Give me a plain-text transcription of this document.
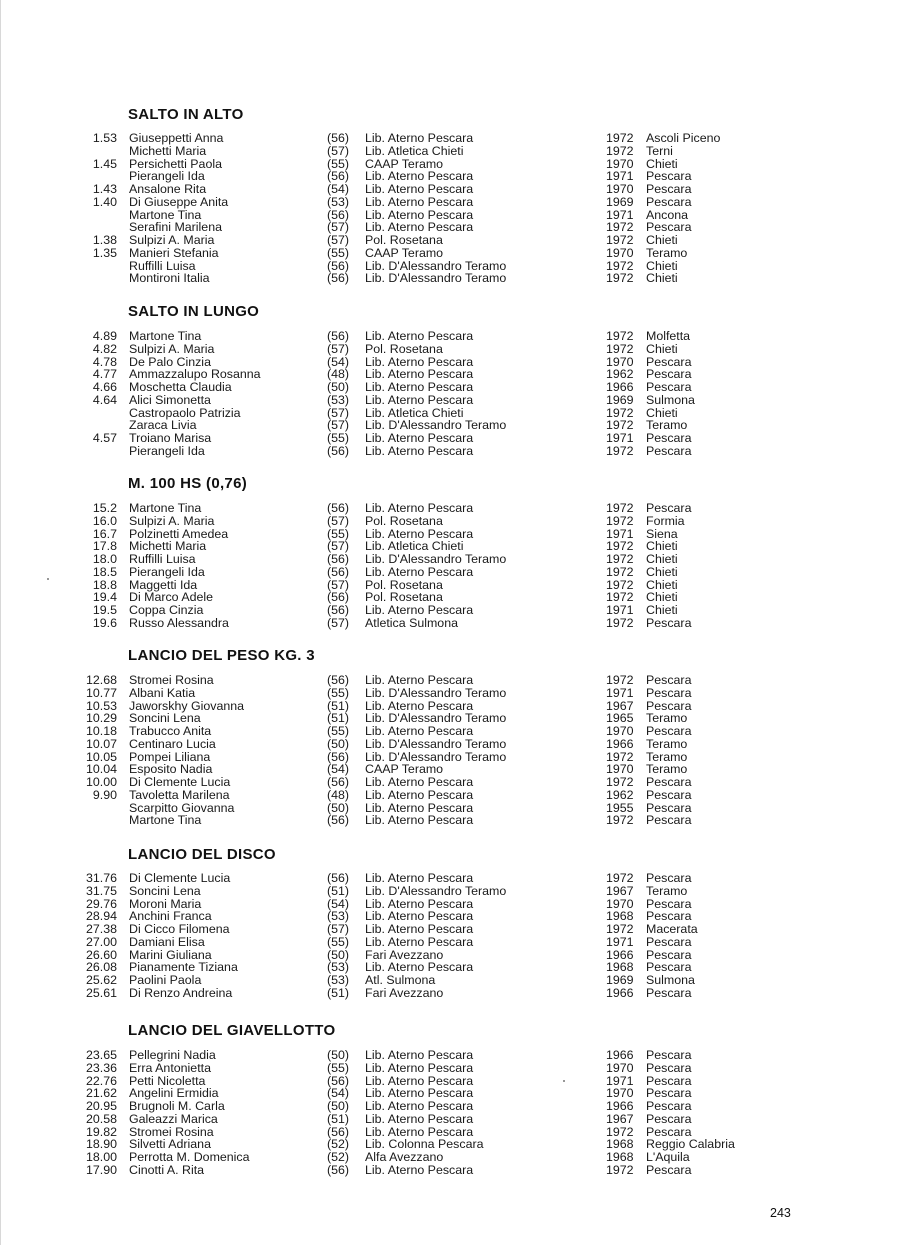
SALTO IN ALTO
1.53 Giuseppetti Anna	(56) Lib. Aterno Pescara	1972 Ascoli Piceno
Michetti Maria	(57) Lib. Atletica Chieti	1972 Terni
1.45 Persichetti Paola	(55) CAAP Teramo	1970 Chieti
Pierangeli Ida	(56) Lib. Aterno Pescara	1971 Pescara
1.43 Ansalone Rita	(54) Lib. Aterno Pescara	1970 Pescara
1.40 Di Giuseppe Anita	(53) Lib. Aterno Pescara	1969 Pescara
Martone Tina	(56) Lib. Aterno Pescara	1971 Ancona
Serafini Marilena	(57) Lib. Aterno Pescara	1972 Pescara
1.38 Sulpizi A. Maria	(57) Pol. Rosetana	1972 Chieti
1.35 Manieri Stefania	(55) CAAP Teramo	1970 Teramo
Ruffilli Luisa	(56) Lib. D'Alessandro Teramo	1972 Chieti
Montironi Italia	(56) Lib. D'Alessandro Teramo	1972 Chieti
SALTO IN LUNGO
4.89 Martone Tina	(56) Lib. Aterno Pescara	1972 Molfetta
4.82 Sulpizi A. Maria	(57) Pol. Rosetana	1972 Chieti
4.78 De Palo Cinzia	(54) Lib. Aterno Pescara	1970 Pescara
4.77 Ammazzalupo Rosanna	(48) Lib. Aterno Pescara	1962 Pescara
4.66 Moschetta Claudia	(50) Lib. Aterno Pescara	1966 Pescara
4.64 Alici Simonetta	(53) Lib. Aterno Pescara	1969 Sulmona
Castropaolo Patrizia	(57) Lib. Atletica Chieti	1972 Chieti
Zaraca Livia	(57) Lib. D'Alessandro Teramo	1972 Teramo
4.57 Troiano Marisa	(55) Lib. Aterno Pescara	1971 Pescara
Pierangeli Ida	(56) Lib. Aterno Pescara	1972 Pescara
M. 100 HS (0,76)
15.2 Martone Tina	(56) Lib. Aterno Pescara	1972 Pescara
16.0 Sulpizi A. Maria	(57) Pol. Rosetana	1972 Formia
16.7 Polzinetti Amedea	(55) Lib. Aterno Pescara	1971 Siena
17.8 Michetti Maria	(57) Lib. Atletica Chieti	1972 Chieti
18.0 Ruffilli Luisa	(56) Lib. D'Alessandro Teramo	1972 Chieti
18.5 Pierangeli Ida	(56) Lib. Aterno Pescara	1972 Chieti
18.8 Maggetti Ida	(57) Pol. Rosetana	1972 Chieti
19.4 Di Marco Adele	(56) Pol. Rosetana	1972 Chieti
19.5 Coppa Cinzia	(56) Lib. Aterno Pescara	1971 Chieti
19.6 Russo Alessandra	(57) Atletica Sulmona	1972 Pescara
LANCIO DEL PESO KG. 3
12.68 Stromei Rosina	(56) Lib. Aterno Pescara	1972 Pescara
10.77 Albani Katia	(55) Lib. D'Alessandro Teramo	1971 Pescara
10.53 Jaworskhy Giovanna	(51) Lib. Aterno Pescara	1967 Pescara
10.29 Soncini Lena	(51) Lib. D'Alessandro Teramo	1965 Teramo
10.18 Trabucco Anita	(55) Lib. Aterno Pescara	1970 Pescara
10.07 Centinaro Lucia	(50) Lib. D'Alessandro Teramo	1966 Teramo
10.05 Pompei Liliana	(56) Lib. D'Alessandro Teramo	1972 Teramo
10.04 Esposito Nadia	(54) CAAP Teramo	1970 Teramo
10.00 Di Clemente Lucia	(56) Lib. Aterno Pescara	1972 Pescara
9.90 Tavoletta Marilena	(48) Lib. Aterno Pescara	1962 Pescara
Scarpitto Giovanna	(50) Lib. Aterno Pescara	1955 Pescara
Martone Tina	(56) Lib. Aterno Pescara	1972 Pescara
LANCIO DEL DISCO
31.76 Di Clemente Lucia	(56) Lib. Aterno Pescara	1972 Pescara
31.75 Soncini Lena	(51) Lib. D'Alessandro Teramo	1967 Teramo
29.76 Moroni Maria	(54) Lib. Aterno Pescara	1970 Pescara
28.94 Anchini Franca	(53) Lib. Aterno Pescara	1968 Pescara
27.38 Di Cicco Filomena	(57) Lib. Aterno Pescara	1972 Macerata
27.00 Damiani Elisa	(55) Lib. Aterno Pescara	1971 Pescara
26.60 Marini Giuliana	(50) Fari Avezzano	1966 Pescara
26.08 Pianamente Tiziana	(53) Lib. Aterno Pescara	1968 Pescara
25.62 Paolini Paola	(53) Atl. Sulmona	1969 Sulmona
25.61 Di Renzo Andreina	(51) Fari Avezzano	1966 Pescara
LANCIO DEL GIAVELLOTTO
23.65 Pellegrini Nadia	(50) Lib. Aterno Pescara	1966 Pescara
23.36 Erra Antonietta	(55) Lib. Aterno Pescara	1970 Pescara
22.76 Petti Nicoletta	(56) Lib. Aterno Pescara	1971 Pescara
21.62 Angelini Ermidia	(54) Lib. Aterno Pescara	1970 Pescara
20.95 Brugnoli M. Carla	(50) Lib. Aterno Pescara	1966 Pescara
20.58 Galeazzi Marica	(51) Lib. Aterno Pescara	1967 Pescara
19.82 Stromei Rosina	(56) Lib. Aterno Pescara	1972 Pescara
18.90 Silvetti Adriana	(52) Lib. Colonna Pescara	1968 Reggio Calabria
18.00 Perrotta M. Domenica	(52) Alfa Avezzano	1968 L'Aquila
17.90 Cinotti A. Rita	(56) Lib. Aterno Pescara	1972 Pescara
243
